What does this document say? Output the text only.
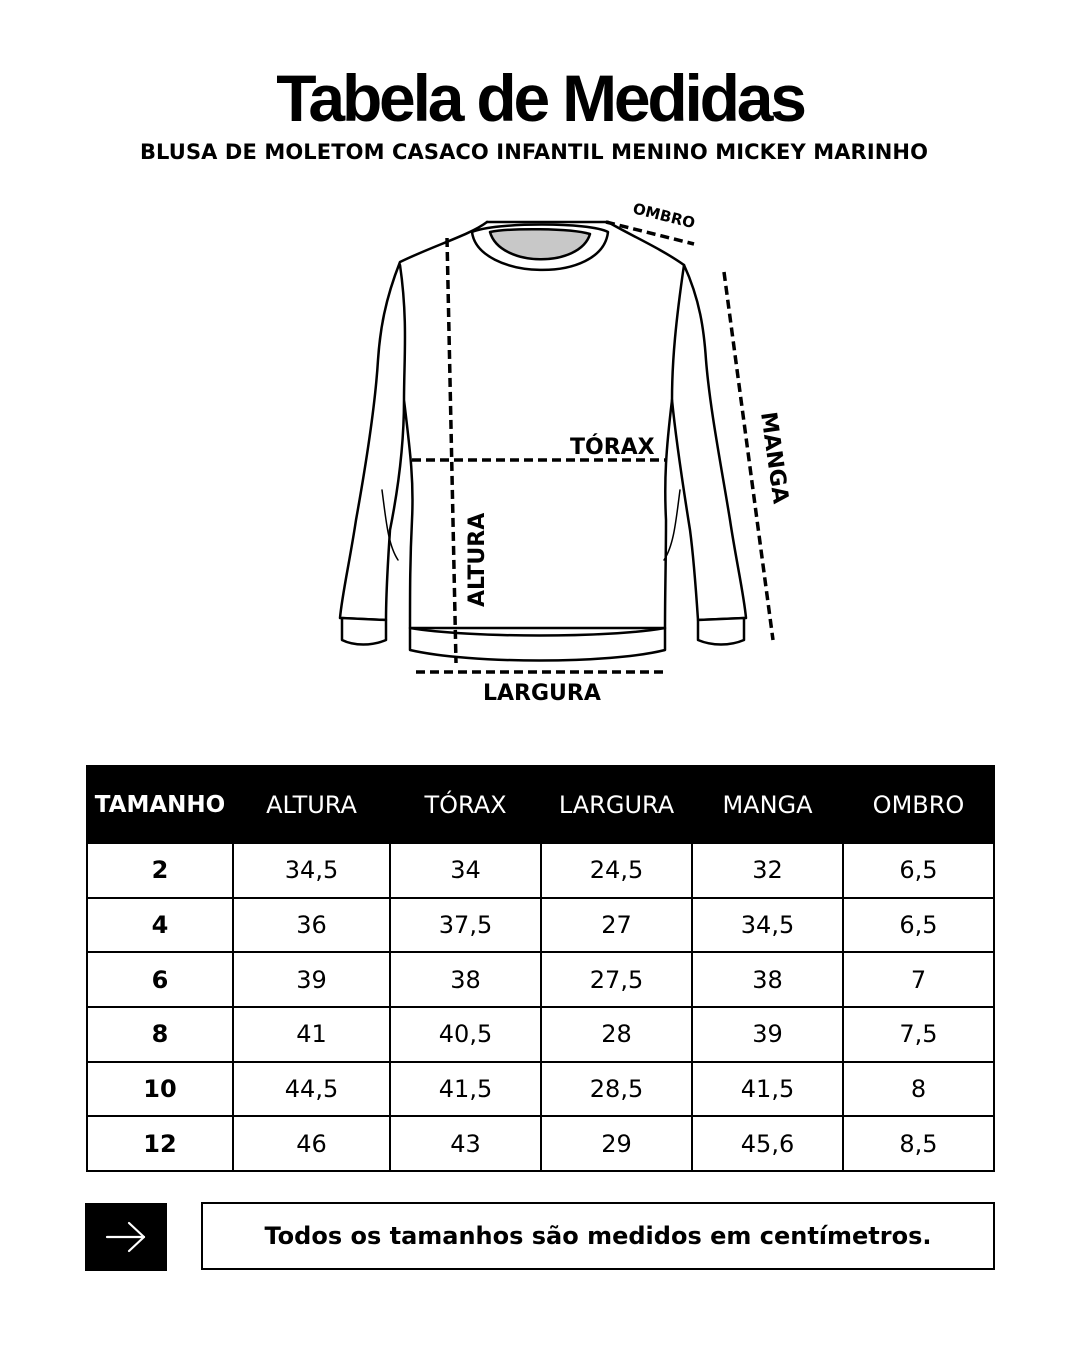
Tabela de Medidas
BLUSA DE MOLETOM CASACO INFANTIL MENINO MICKEY MARINHO
OMBRO
MANGA
TÓRAX
ALTURA
LARGURA
TAMANHO	ALTURA	TÓRAX	LARGURA	MANGA	OMBRO
2	34,5	34	24,5	32	6,5
4	36	37,5	27	34,5	6,5
6	39	38	27,5	38	7
8	41	40,5	28	39	7,5
10	44,5	41,5	28,5	41,5	8
12	46	43	29	45,6	8,5
Todos os tamanhos são medidos em centímetros.
